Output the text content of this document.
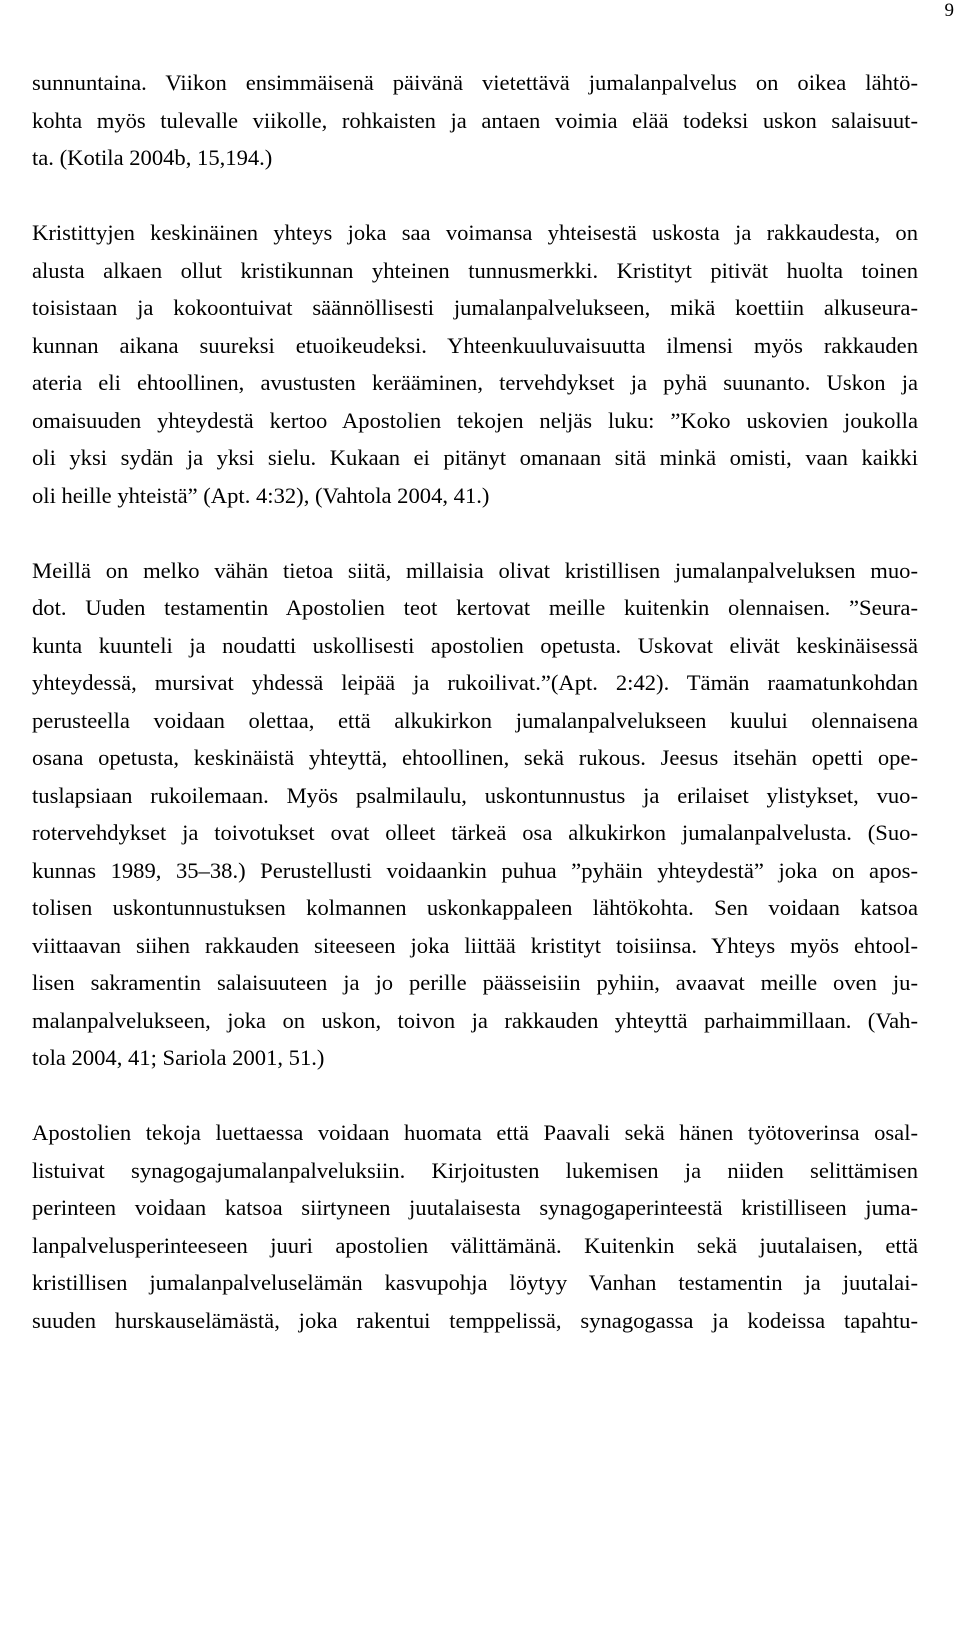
9
sunnuntaina. Viikon ensimmäisenä päivänä vietettävä jumalanpalvelus on oikea lähtö-
kohta myös tulevalle viikolle, rohkaisten ja antaen voimia elää todeksi uskon salaisuut-
ta. (Kotila 2004b, 15,194.)
Kristittyjen keskinäinen yhteys joka saa voimansa yhteisestä uskosta ja rakkaudesta, on
alusta alkaen ollut kristikunnan yhteinen tunnusmerkki. Kristityt pitivät huolta toinen
toisistaan ja kokoontuivat säännöllisesti jumalanpalvelukseen, mikä koettiin alkuseura-
kunnan aikana suureksi etuoikeudeksi. Yhteenkuuluvaisuutta ilmensi myös rakkauden
ateria eli ehtoollinen, avustusten kerääminen, tervehdykset ja pyhä suunanto. Uskon ja
omaisuuden yhteydestä kertoo Apostolien tekojen neljäs luku: ”Koko uskovien joukolla
oli yksi sydän ja yksi sielu. Kukaan ei pitänyt omanaan sitä minkä omisti, vaan kaikki
oli heille yhteistä” (Apt. 4:32), (Vahtola 2004, 41.)
Meillä on melko vähän tietoa siitä, millaisia olivat kristillisen jumalanpalveluksen muo-
dot. Uuden testamentin Apostolien teot kertovat meille kuitenkin olennaisen. ”Seura-
kunta kuunteli ja noudatti uskollisesti apostolien opetusta. Uskovat elivät keskinäisessä
yhteydessä, mursivat yhdessä leipää ja rukoilivat.”(Apt. 2:42). Tämän raamatunkohdan
perusteella voidaan olettaa, että alkukirkon jumalanpalvelukseen kuului olennaisena
osana opetusta, keskinäistä yhteyttä, ehtoollinen, sekä rukous. Jeesus itsehän opetti ope-
tuslapsiaan rukoilemaan. Myös psalmilaulu, uskontunnustus ja erilaiset ylistykset, vuo-
rotervehdykset ja toivotukset ovat olleet tärkeä osa alkukirkon jumalanpalvelusta. (Suo-
kunnas 1989, 35–38.) Perustellusti voidaankin puhua ”pyhäin yhteydestä” joka on apos-
tolisen uskontunnustuksen kolmannen uskonkappaleen lähtökohta. Sen voidaan katsoa
viittaavan siihen rakkauden siteeseen joka liittää kristityt toisiinsa. Yhteys myös ehtool-
lisen sakramentin salaisuuteen ja jo perille päässeisiin pyhiin, avaavat meille oven ju-
malanpalvelukseen, joka on uskon, toivon ja rakkauden yhteyttä parhaimmillaan. (Vah-
tola 2004, 41; Sariola 2001, 51.)
Apostolien tekoja luettaessa voidaan huomata että Paavali sekä hänen työtoverinsa osal-
listuivat synagogajumalanpalveluksiin. Kirjoitusten lukemisen ja niiden selittämisen
perinteen voidaan katsoa siirtyneen juutalaisesta synagogaperinteestä kristilliseen juma-
lanpalvelusperinteeseen juuri apostolien välittämänä. Kuitenkin sekä juutalaisen, että
kristillisen jumalanpalveluselämän kasvupohja löytyy Vanhan testamentin ja juutalai-
suuden hurskauselämästä, joka rakentui temppelissä, synagogassa ja kodeissa tapahtu-
